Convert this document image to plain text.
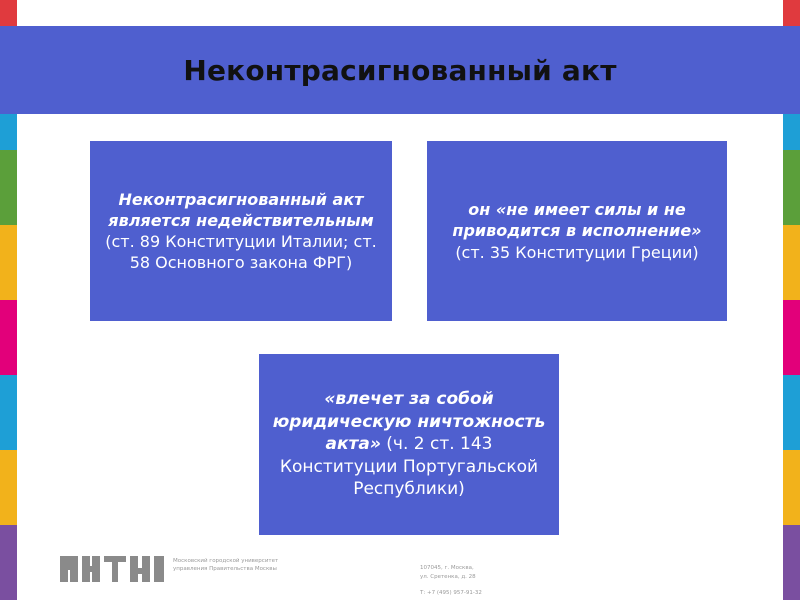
Неконтрасигнованный акт
Неконтрасигнованный акт является недействительным
(ст. 89 Конституции Италии; ст. 58 Основного закона ФРГ)
он «не имеет силы и не приводится в исполнение»
(ст. 35 Конституции Греции)
«влечет за собой юридическую ничтожность акта» (ч. 2 ст. 143 Конституции Португальской Республики)
Московский городской университет управления Правительства Москвы	107045, г. Москва,
ул. Сретенка, д. 28
Т: +7 (495) 957-91-32
